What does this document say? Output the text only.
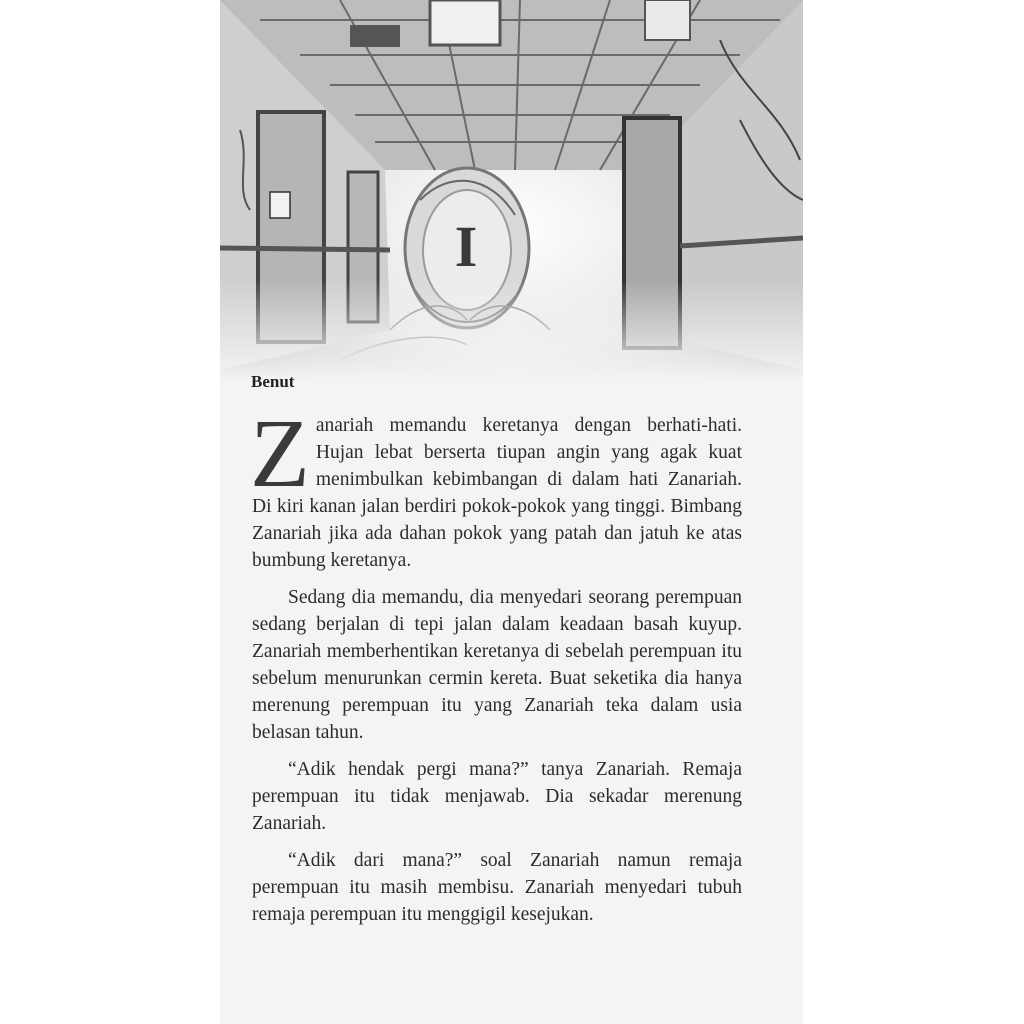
I
Benut

Zanariah memandu keretanya dengan berhati-hati. Hujan lebat berserta tiupan angin yang agak kuat menimbulkan kebimbangan di dalam hati Zanariah. Di kiri kanan jalan berdiri pokok-pokok yang tinggi. Bimbang Zanariah jika ada dahan pokok yang patah dan jatuh ke atas bumbung keretanya.

Sedang dia memandu, dia menyedari seorang perempuan sedang berjalan di tepi jalan dalam keadaan basah kuyup. Zanariah memberhentikan keretanya di sebelah perempuan itu sebelum menurunkan cermin kereta. Buat seketika dia hanya merenung perempuan itu yang Zanariah teka dalam usia belasan tahun.

“Adik hendak pergi mana?” tanya Zanariah. Remaja perempuan itu tidak menjawab. Dia sekadar merenung Zanariah.

“Adik dari mana?” soal Zanariah namun remaja perempuan itu masih membisu. Zanariah menyedari tubuh remaja perempuan itu menggigil kesejukan.
